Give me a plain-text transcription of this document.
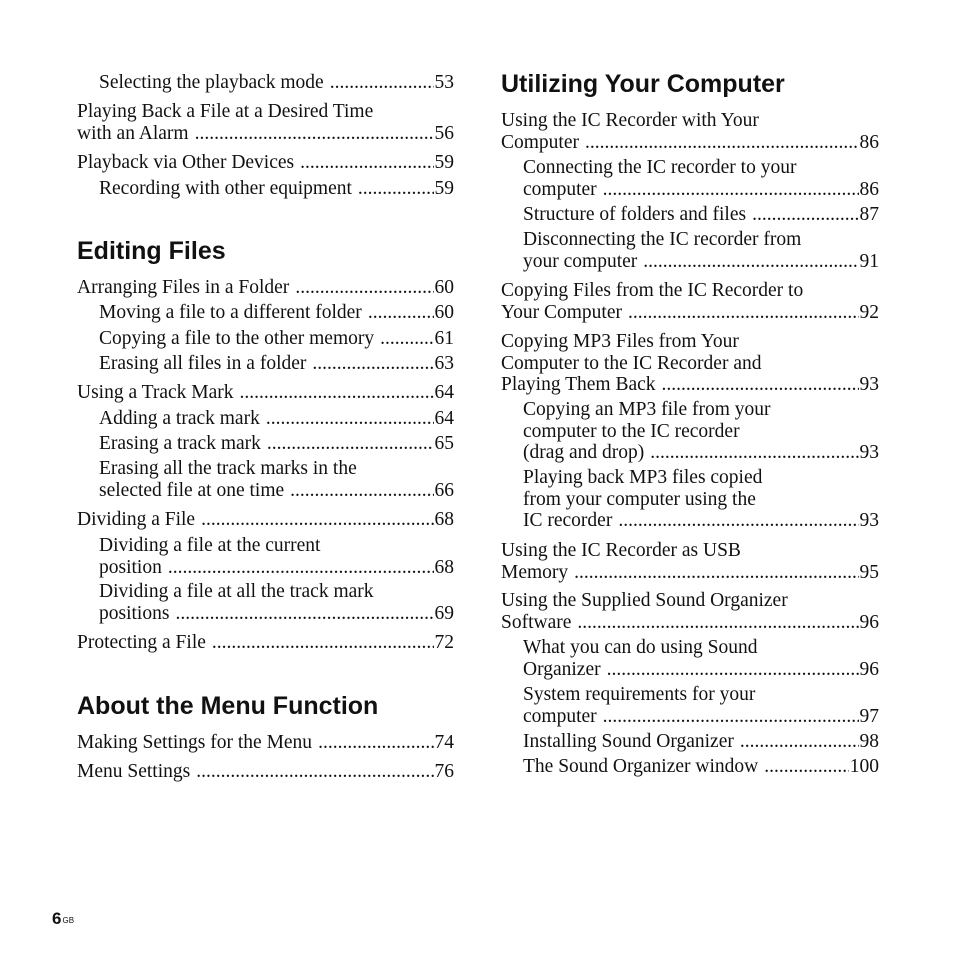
Selecting the playback mode .....	53
Playing Back a File at a Desired Time
with an Alarm .....	56
Playback via Other Devices .....	59
Recording with other equipment .....	59
Editing Files
Arranging Files in a Folder .....	60
Moving a file to a different folder .....	60
Copying a file to the other memory .....	61
Erasing all files in a folder .....	63
Using a Track Mark .....	64
Adding a track mark .....	64
Erasing a track mark .....	65
Erasing all the track marks in the
selected file at one time .....	66
Dividing a File .....	68
Dividing a file at the current
position .....	68
Dividing a file at all the track mark
positions .....	69
Protecting a File .....	72
About the Menu Function
Making Settings for the Menu .....	74
Menu Settings .....	76
Utilizing Your Computer
Using the IC Recorder with Your
Computer .....	86
Connecting the IC recorder to your
computer .....	86
Structure of folders and files .....	87
Disconnecting the IC recorder from
your computer .....	91
Copying Files from the IC Recorder to
Your Computer .....	92
Copying MP3 Files from Your
Computer to the IC Recorder and
Playing Them Back .....	93
Copying an MP3 file from your
computer to the IC recorder
(drag and drop) .....	93
Playing back MP3 files copied
from your computer using the
IC recorder .....	93
Using the IC Recorder as USB
Memory .....	95
Using the Supplied Sound Organizer
Software .....	96
What you can do using Sound
Organizer .....	96
System requirements for your
computer .....	97
Installing Sound Organizer .....	98
The Sound Organizer window .....	100
$6^{GB}$
